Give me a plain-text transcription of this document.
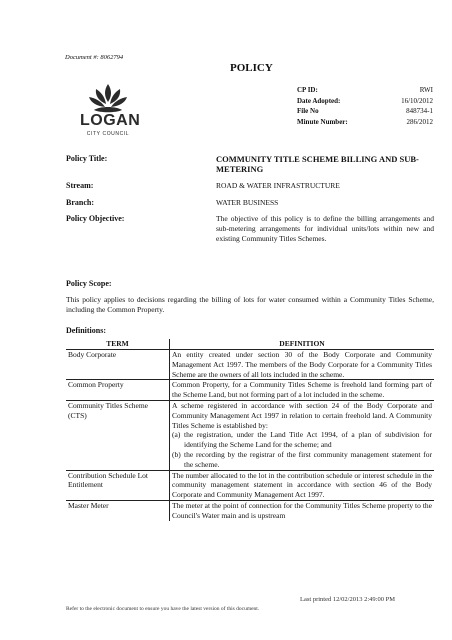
Document #: 8062794
POLICY
LOGAN
CITY COUNCIL
CP ID:	RWI
Date Adopted:	16/10/2012
File No	848734-1
Minute Number:	286/2012
Policy Title:	COMMUNITY TITLE SCHEME BILLING AND SUB-METERING
Stream:	ROAD & WATER INFRASTRUCTURE
Branch:	WATER BUSINESS
Policy Objective:	The objective of this policy is to define the billing arrangements and sub-metering arrangements for individual units/lots within new and existing Community Titles Schemes.
Policy Scope:
This policy applies to decisions regarding the billing of lots for water consumed within a Community Titles Scheme, including the Common Property.
Definitions:
TERM	DEFINITION
Body Corporate	An entity created under section 30 of the Body Corporate and Community Management Act 1997. The members of the Body Corporate for a Community Titles Scheme are the owners of all lots included in the scheme.
Common Property	Common Property, for a Community Titles Scheme is freehold land forming part of the Scheme Land, but not forming part of a lot included in the scheme.
Community Titles Scheme (CTS)	A scheme registered in accordance with section 24 of the Body Corporate and Community Management Act 1997 in relation to certain freehold land. A Community Titles Scheme is established by:
(a) the registration, under the Land Title Act 1994, of a plan of subdivision for identifying the Scheme Land for the scheme; and
(b) the recording by the registrar of the first community management statement for the scheme.

Contribution Schedule Lot Entitlement	The number allocated to the lot in the contribution schedule or interest schedule in the community management statement in accordance with section 46 of the Body Corporate and Community Management Act 1997.
Master Meter	The meter at the point of connection for the Community Titles Scheme property to the Council's Water main and is upstream
Last printed 12/02/2013 2:49:00 PM
Refer to the electronic document to ensure you have the latest version of this document.
